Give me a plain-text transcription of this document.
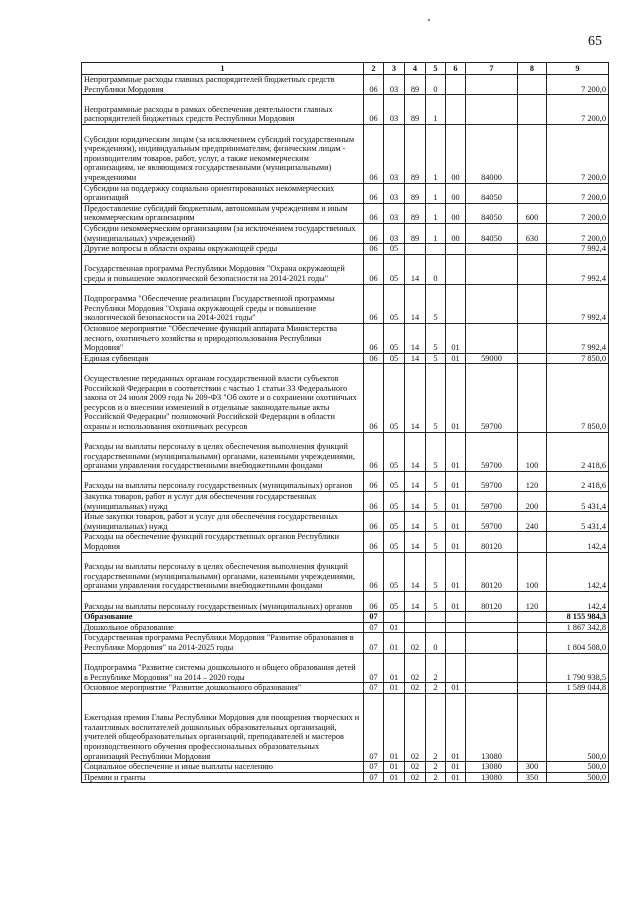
65
1	2	3	4	5	6	7	8	9
Непрограммные расходы главных распорядителей бюджетных средств Республики Мордовия	06	03	89	0				7 200,0
Непрограммные расходы в рамках обеспечения деятельности главных распорядителей бюджетных средств Республики Мордовия	06	03	89	1				7 200,0
Субсидии юридическим лицам (за исключением субсидий государственным учреждениям), индивидуальным предпринимателям, физическим лицам - производителям товаров, работ, услуг, а также некоммерческим организациям, не являющимся государственными (муниципальными) учреждениями	06	03	89	1	00	84000		7 200,0
Субсидии на поддержку социально ориентированных некоммерческих организаций	06	03	89	1	00	84050		7 200,0
Предоставление субсидий бюджетным, автономным учреждениям и иным некоммерческим организациям	06	03	89	1	00	84050	600	7 200,0
Субсидии некоммерческим организациям (за исключением государственных (муниципальных) учреждений)	06	03	89	1	00	84050	630	7 200,0
Другие вопросы в области охраны окружающей среды	06	05						7 992,4
Государственная программа Республики Мордовия "Охрана окружающей среды и повышение экологической безопасности на 2014-2021 годы"	06	05	14	0				7 992,4
Подпрограмма "Обеспечение реализации Государственной программы Республики Мордовия "Охрана окружающей среды и повышение экологической безопасности на 2014-2021 годы"	06	05	14	5				7 992,4
Основное мероприятие "Обеспечение функций аппарата Министерства лесного, охотничьего хозяйства и природопользования Республики Мордовия"	06	05	14	5	01			7 992,4
Единая субвенция	06	05	14	5	01	59000		7 850,0
Осуществление переданных органам государственной власти субъектов Российской Федерации в соответствии с частью 1 статьи 33 Федерального закона от 24 июля 2009 года № 209-ФЗ "Об охоте и о сохранении охотничьих ресурсов и о внесении изменений в отдельные законодательные акты Российской Федерации" полномочий Российской Федерации в области охраны и использования охотничьих ресурсов	06	05	14	5	01	59700		7 850,0
Расходы на выплаты персоналу в целях обеспечения выполнения функций государственными (муниципальными) органами, казенными учреждениями, органами управления государственными внебюджетными фондами	06	05	14	5	01	59700	100	2 418,6
Расходы на выплаты персоналу государственных (муниципальных) органов	06	05	14	5	01	59700	120	2 418,6
Закупка товаров, работ и услуг для обеспечения государственных (муниципальных) нужд	06	05	14	5	01	59700	200	5 431,4
Иные закупки товаров, работ и услуг для обеспечения государственных (муниципальных) нужд	06	05	14	5	01	59700	240	5 431,4
Расходы на обеспечение функций государственных органов Республики Мордовия	06	05	14	5	01	80120		142,4
Расходы на выплаты персоналу в целях обеспечения выполнения функций государственными (муниципальными) органами, казенными учреждениями, органами управления государственными внебюджетными фондами	06	05	14	5	01	80120	100	142,4
Расходы на выплаты персоналу государственных (муниципальных) органов	06	05	14	5	01	80120	120	142,4
Образование	07							8 155 984,3
Дошкольное образование	07	01						1 867 342,8
Государственная программа Республики Мордовия "Развитие образования в Республике Мордовия" на 2014-2025 годы	07	01	02	0				1 804 508,0
Подпрограмма "Развитие системы дошкольного и общего образования детей в Республике Мордовия" на 2014 – 2020 годы	07	01	02	2				1 790 938,5
Основное мероприятие "Развитие дошкольного образования"	07	01	02	2	01			1 589 044,8
Ежегодная премия Главы Республики Мордовия для поощрения творческих и талантливых воспитателей дошкольных образовательных организаций, учителей общеобразовательных организаций, преподавателей и мастеров производственного обучения профессиональных образовательных организаций Республики Мордовия	07	01	02	2	01	13080		500,0
Социальное обеспечение и иные выплаты населению	07	01	02	2	01	13080	300	500,0
Премии и гранты	07	01	02	2	01	13080	350	500,0
